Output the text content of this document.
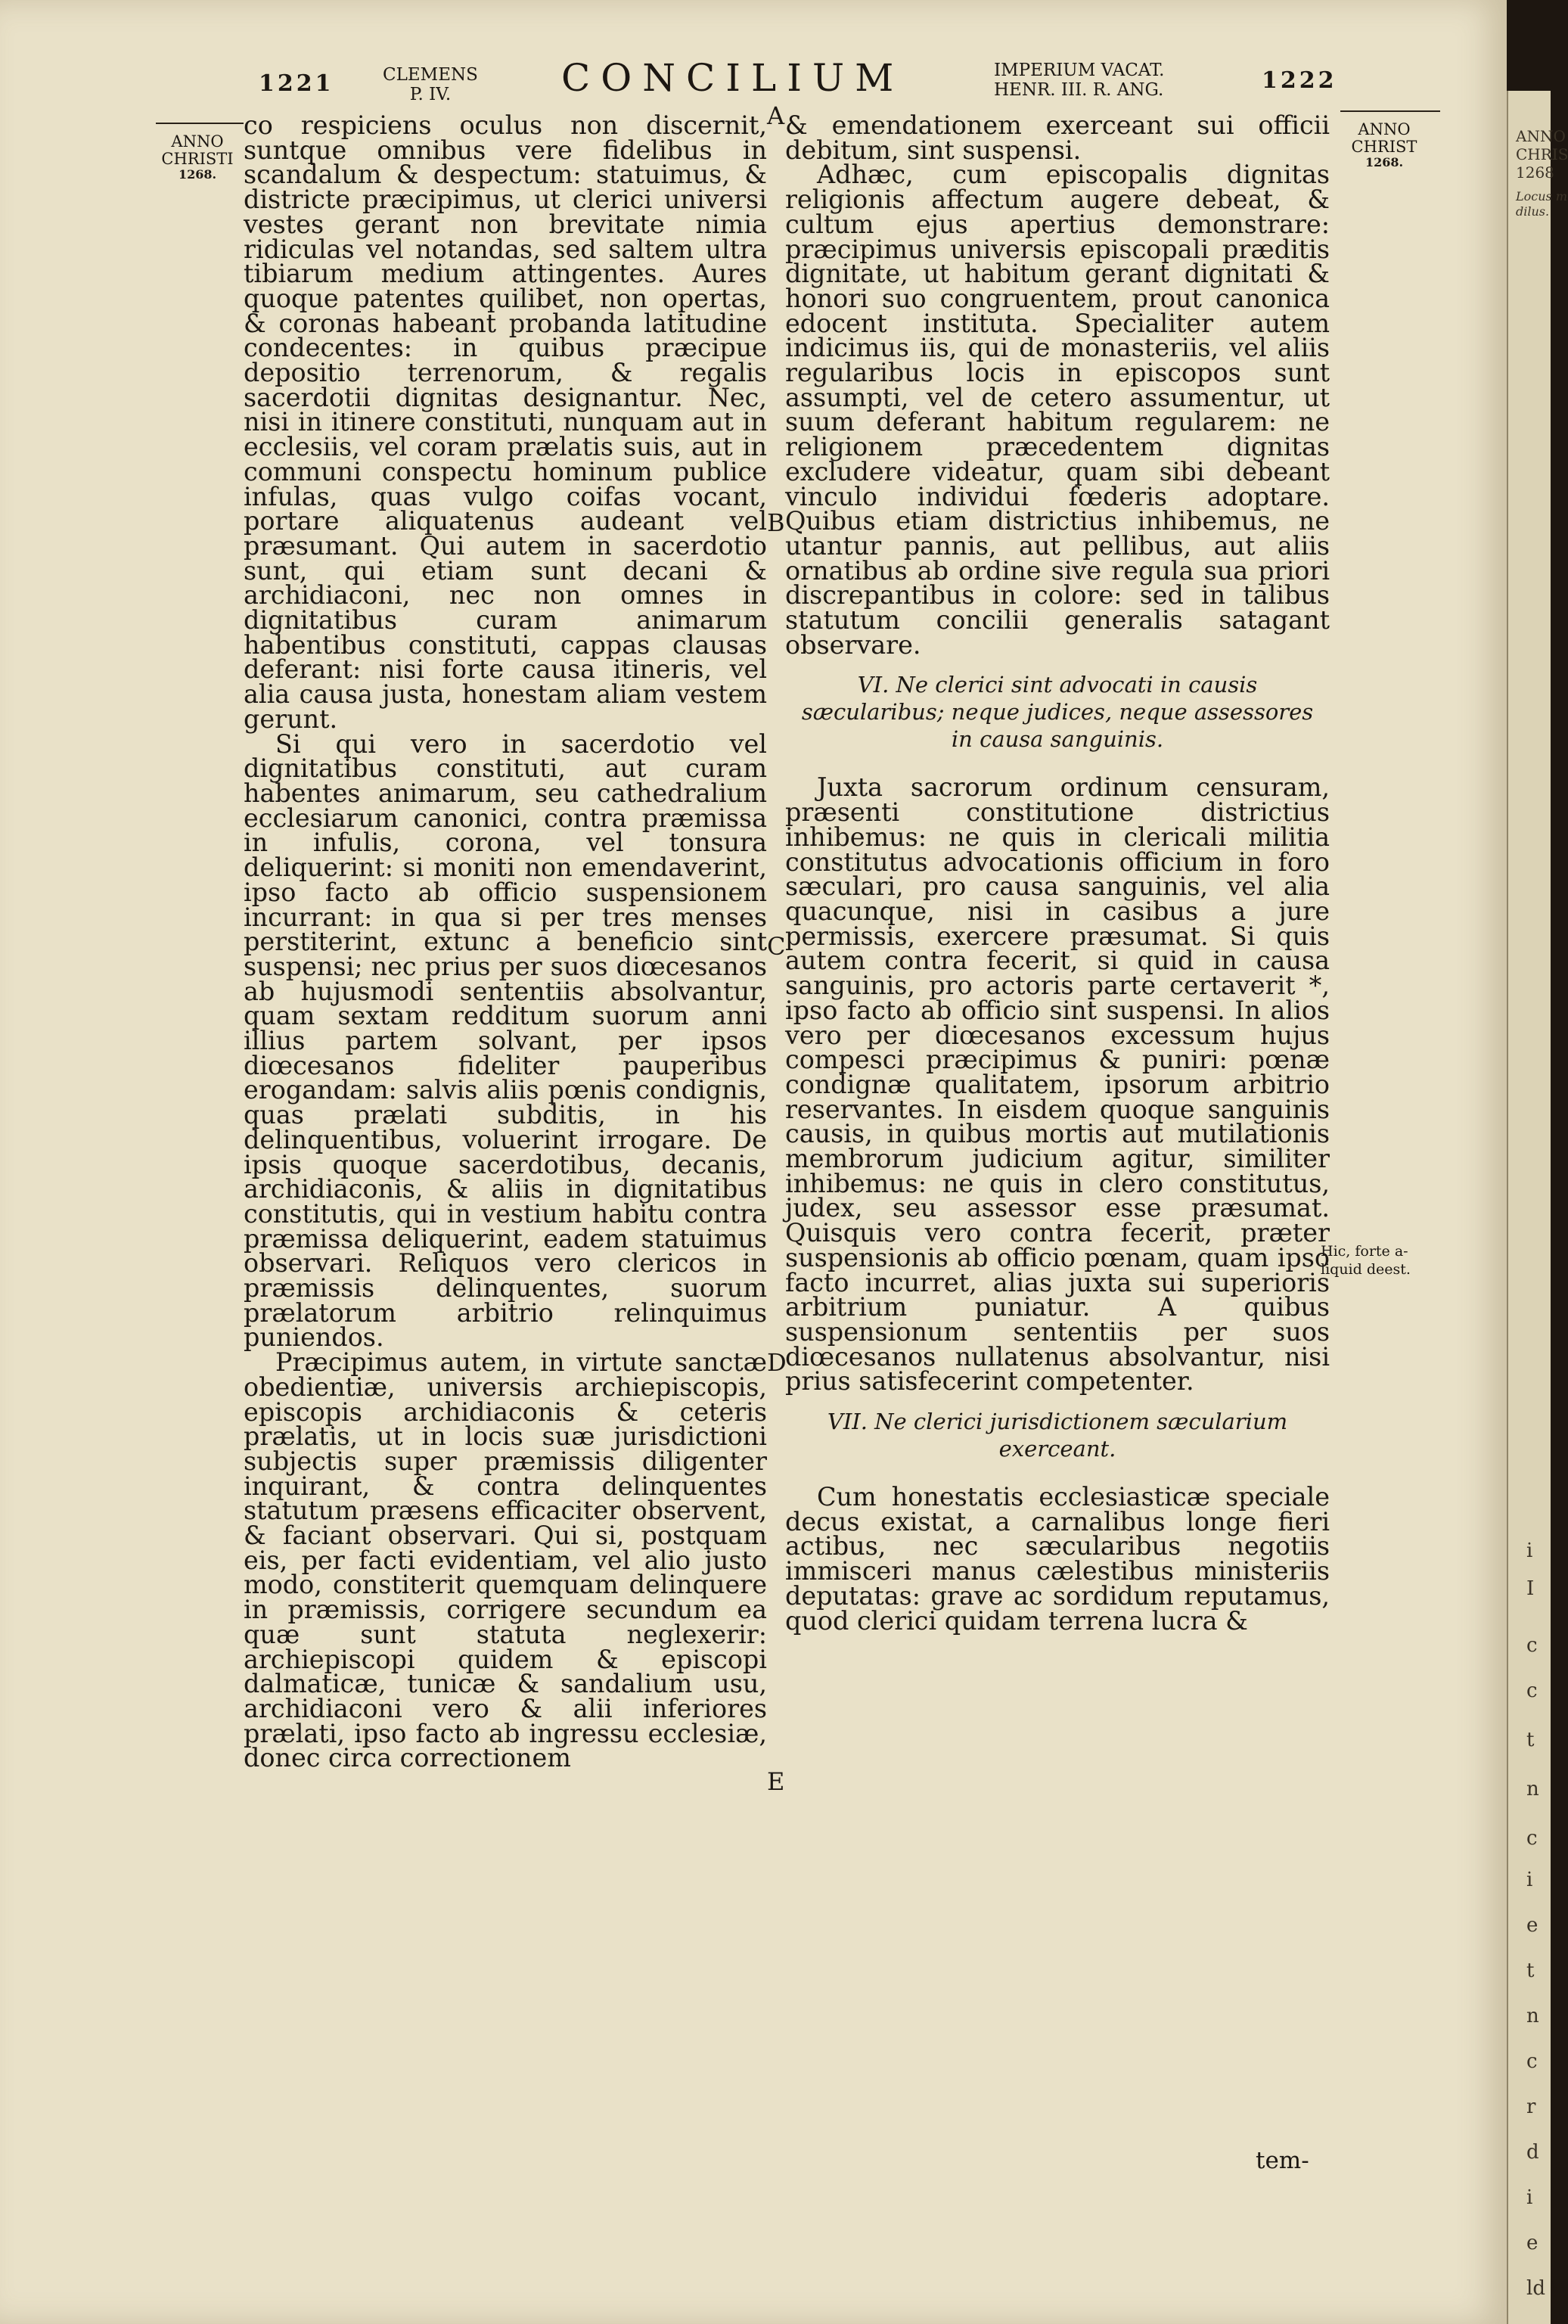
1221	CLEMENS
P. IV.	CONCILIUM	IMPERIUM VACAT.
HENR. III. R. ANG.	1222
ANNO
CHRISTI
1268.
ANNO
CHRIST
1268.

co respiciens oculus non discernit, suntque omnibus vere fidelibus in scandalum & despectum: statuimus, & districte præcipimus, ut clerici universi vestes gerant non brevitate nimia ridiculas vel notandas, sed saltem ultra tibiarum medium attingentes. Aures quoque patentes quilibet, non opertas, & coronas habeant probanda latitudine condecentes: in quibus præcipue depositio terrenorum, & regalis sacerdotii dignitas designantur. Nec, nisi in itinere constituti, nunquam aut in ecclesiis, vel coram prælatis suis, aut in communi conspectu hominum publice infulas, quas vulgo coifas vocant, portare aliquatenus audeant vel præsumant. Qui autem in sacerdotio sunt, qui etiam sunt decani & archidiaconi, nec non omnes in dignitatibus curam animarum habentibus constituti, cappas clausas deferant: nisi forte causa itineris, vel alia causa justa, honestam aliam vestem gerunt.

Si qui vero in sacerdotio vel dignitatibus constituti, aut curam habentes animarum, seu cathedralium ecclesiarum canonici, contra præmissa in infulis, corona, vel tonsura deliquerint: si moniti non emendaverint, ipso facto ab officio suspensionem incurrant: in qua si per tres menses perstiterint, extunc a beneficio sint suspensi; nec prius per suos diœcesanos ab hujusmodi sententiis absolvantur, quam sextam redditum suorum anni illius partem solvant, per ipsos diœcesanos fideliter pauperibus erogandam: salvis aliis pœnis condignis, quas prælati subditis, in his delinquentibus, voluerint irrogare. De ipsis quoque sacerdotibus, decanis, archidiaconis, & aliis in dignitatibus constitutis, qui in vestium habitu contra præmissa deliquerint, eadem statuimus observari. Reliquos vero clericos in præmissis delinquentes, suorum prælatorum arbitrio relinquimus puniendos.

Præcipimus autem, in virtute sanctæ obedientiæ, universis archiepiscopis, episcopis archidiaconis & ceteris prælatis, ut in locis suæ jurisdictioni subjectis super præmissis diligenter inquirant, & contra delinquentes statutum præsens efficaciter observent, & faciant observari. Qui si, postquam eis, per facti evidentiam, vel alio justo modo, constiterit quemquam delinquere in præmissis, corrigere secundum ea quæ sunt statuta neglexerir: archiepiscopi quidem & episcopi dalmaticæ, tunicæ & sandalium usu, archidiaconi vero & alii inferiores prælati, ipso facto ab ingressu ecclesiæ, donec circa correctionem

A
B
C
D
E

& emendationem exerceant sui officii debitum, sint suspensi.

Adhæc, cum episcopalis dignitas religionis affectum augere debeat, & cultum ejus apertius demonstrare: præcipimus universis episcopali præditis dignitate, ut habitum gerant dignitati & honori suo congruentem, prout canonica edocent instituta. Specialiter autem indicimus iis, qui de monasteriis, vel aliis regularibus locis in episcopos sunt assumpti, vel de cetero assumentur, ut suum deferant habitum regularem: ne religionem præcedentem dignitas excludere videatur, quam sibi debeant vinculo individui fœderis adoptare. Quibus etiam districtius inhibemus, ne utantur pannis, aut pellibus, aut aliis ornatibus ab ordine sive regula sua priori discrepantibus in colore: sed in talibus statutum concilii generalis satagant observare.

VI. Ne clerici sint advocati in causis sæcularibus; neque judices, neque assessores in causa sanguinis.

Juxta sacrorum ordinum censuram, præsenti constitutione districtius inhibemus: ne quis in clericali militia constitutus advocationis officium in foro sæculari, pro causa sanguinis, vel alia quacunque, nisi in casibus a jure permissis, exercere præsumat. Si quis autem contra fecerit, si quid in causa sanguinis, pro actoris parte certaverit *, ipso facto ab officio sint suspensi. In alios vero per diœcesanos excessum hujus compesci præcipimus & puniri: pœnæ condignæ qualitatem, ipsorum arbitrio reservantes. In eisdem quoque sanguinis causis, in quibus mortis aut mutilationis membrorum judicium agitur, similiter inhibemus: ne quis in clero constitutus, judex, seu assessor esse præsumat. Quisquis vero contra fecerit, præter suspensionis ab officio pœnam, quam ipso facto incurret, alias juxta sui superioris arbitrium puniatur. A quibus suspensionum sententiis per suos diœcesanos nullatenus absolvantur, nisi prius satisfecerint competenter.

VII. Ne clerici jurisdictionem sæcularium exerceant.

Cum honestatis ecclesiasticæ speciale decus existat, a carnalibus longe fieri actibus, nec sæcularibus negotiis immisceri manus cælestibus ministeriis deputatas: grave ac sordidum reputamus, quod clerici quidam terrena lucra &

tem-
Hic, forte a-
liquid deest.
ANNO
CHRIS
1268
Locus m
dilus.
i
I
c
c
t
n
c
i
e
t
n
c
r
d
i
e
ld
